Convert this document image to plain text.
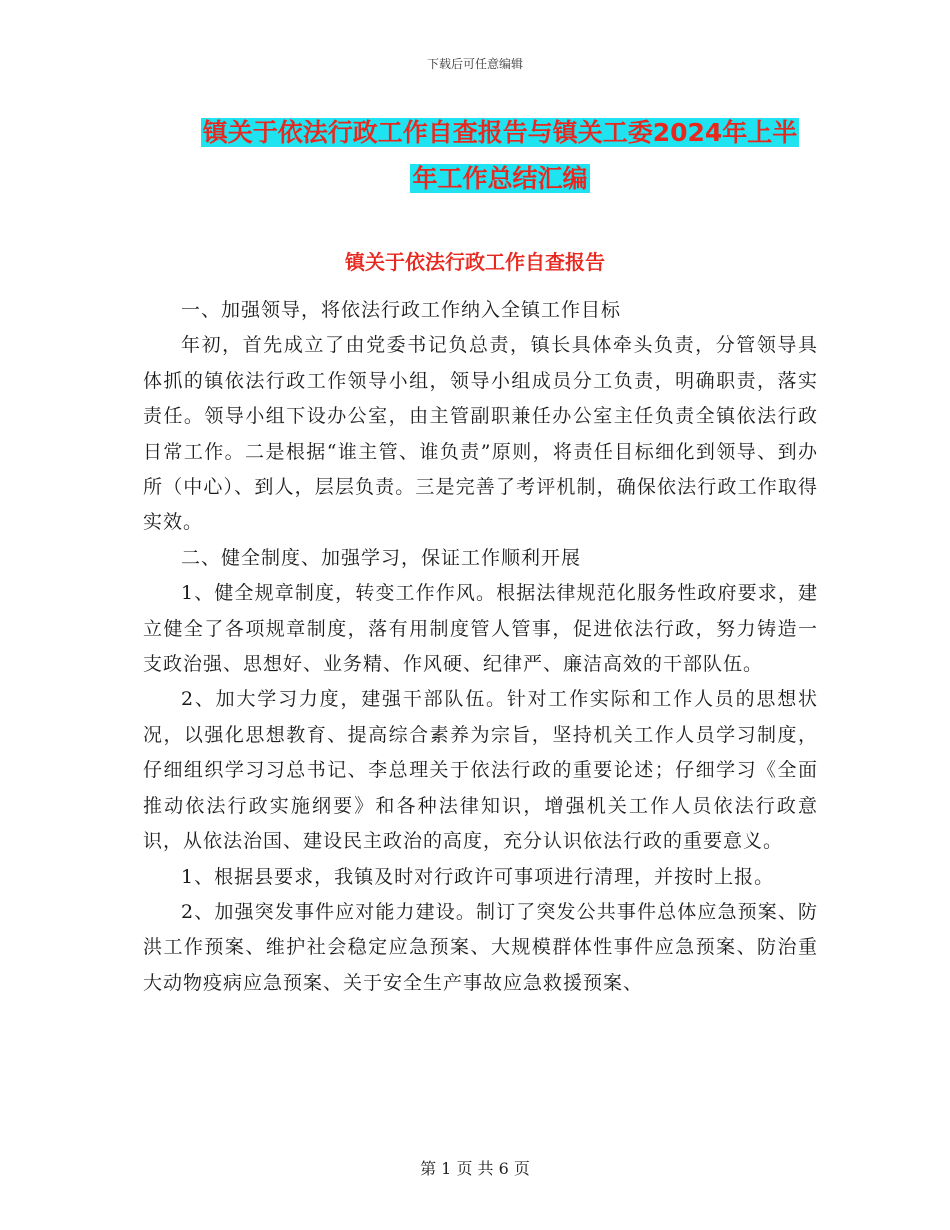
下载后可任意编辑
镇关于依法行政工作自查报告与镇关工委2024年上半
年工作总结汇编
镇关于依法行政工作自查报告

一、加强领导，将依法行政工作纳入全镇工作目标

年初，首先成立了由党委书记负总责，镇长具体牵头负责，分管领导具体抓的镇依法行政工作领导小组，领导小组成员分工负责，明确职责，落实责任。领导小组下设办公室，由主管副职兼任办公室主任负责全镇依法行政日常工作。二是根据“谁主管、谁负责”原则，将责任目标细化到领导、到办所（中心）、到人，层层负责。三是完善了考评机制，确保依法行政工作取得实效。

二、健全制度、加强学习，保证工作顺利开展

1、健全规章制度，转变工作作风。根据法律规范化服务性政府要求，建立健全了各项规章制度，落有用制度管人管事，促进依法行政，努力铸造一支政治强、思想好、业务精、作风硬、纪律严、廉洁高效的干部队伍。

2、加大学习力度，建强干部队伍。针对工作实际和工作人员的思想状况，以强化思想教育、提高综合素养为宗旨，坚持机关工作人员学习制度，仔细组织学习习总书记、李总理关于依法行政的重要论述；仔细学习《全面推动依法行政实施纲要》和各种法律知识，增强机关工作人员依法行政意识，从依法治国、建设民主政治的高度，充分认识依法行政的重要意义。

1、根据县要求，我镇及时对行政许可事项进行清理，并按时上报。

2、加强突发事件应对能力建设。制订了突发公共事件总体应急预案、防洪工作预案、维护社会稳定应急预案、大规模群体性事件应急预案、防治重大动物疫病应急预案、关于安全生产事故应急救援预案、

第 1 页 共 6 页
